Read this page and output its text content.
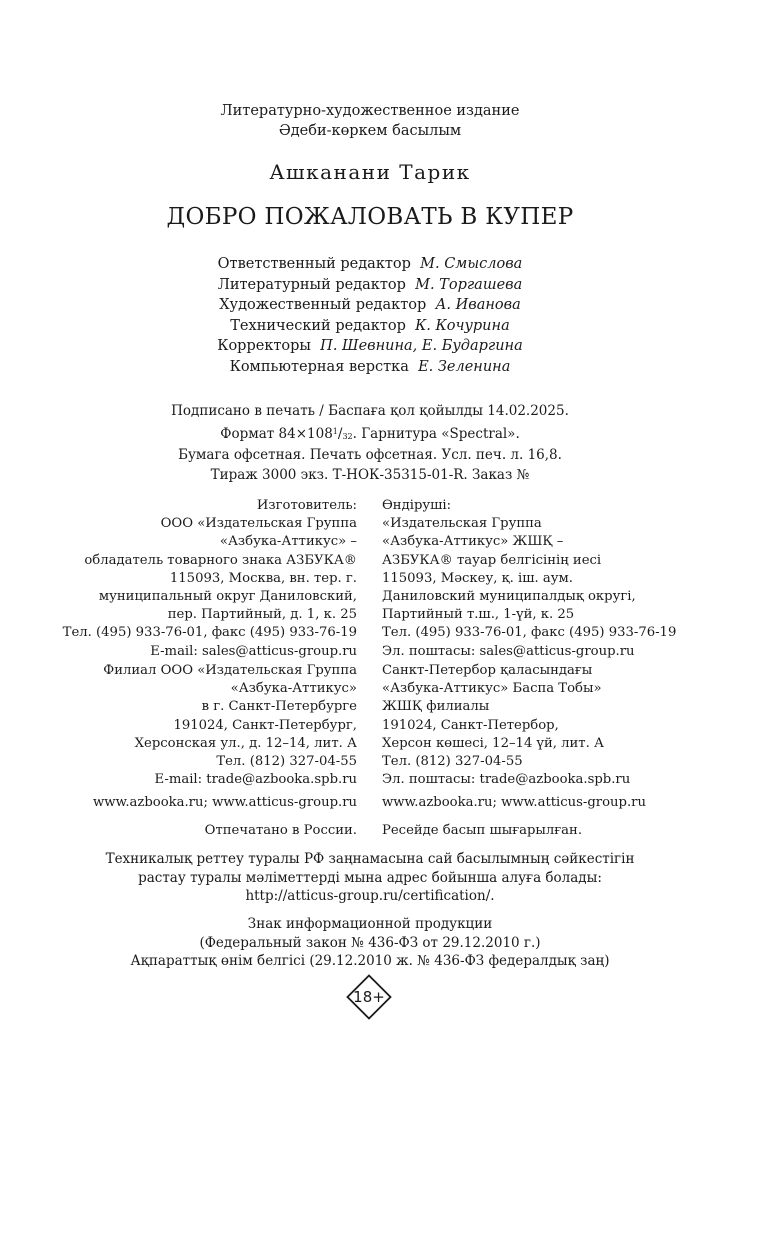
Литературно-художественное издание
Әдеби-көркем басылым
Ашканани Тарик
ДОБРО ПОЖАЛОВАТЬ В КУПЕР
Ответственный редактор М. Смыслова
Литературный редактор М. Торгашева
Художественный редактор А. Иванова
Технический редактор К. Кочурина
Корректоры П. Шевнина, Е. Бударгина
Компьютерная верстка Е. Зеленина
Подписано в печать / Баспаға қол қойылды 14.02.2025.
Формат $84\times 108^1/_{32}$. Гарнитура «Spectral».
Бумага офсетная. Печать офсетная. Усл. печ. л. 16,8.
Тираж 3000 экз. Т-НОК-35315-01-R. Заказ №
Изготовитель:
ООО «Издательская Группа
«Азбука-Аттикус» –
обладатель товарного знака АЗБУКА®
115093, Москва, вн. тер. г.
муниципальный округ Даниловский,
пер. Партийный, д. 1, к. 25
Тел. (495) 933-76-01, факс (495) 933-76-19
E-mail: sales@atticus-group.ru
Өндіруші:
«Издательская Группа
«Азбука-Аттикус» ЖШҚ –
АЗБУКА® тауар белгісінің иесі
115093, Мәскеу, қ. іш. аум.
Даниловский муниципалдық округі,
Партийный т.ш., 1-үй, к. 25
Тел. (495) 933-76-01, факс (495) 933-76-19
Эл. поштасы: sales@atticus-group.ru
Филиал ООО «Издательская Группа
«Азбука-Аттикус»
в г. Санкт-Петербурге
191024, Санкт-Петербург,
Херсонская ул., д. 12–14, лит. А
Тел. (812) 327-04-55
E-mail: trade@azbooka.spb.ru
Санкт-Петербор қаласындағы
«Азбука-Аттикус» Баспа Тобы»
ЖШҚ филиалы
191024, Санкт-Петербор,
Херсон көшесі, 12–14 үй, лит. А
Тел. (812) 327-04-55
Эл. поштасы: trade@azbooka.spb.ru
www.azbooka.ru; www.atticus-group.ru www.azbooka.ru; www.atticus-group.ru
Отпечатано в России. Ресейде басып шығарылған.
Техникалық реттеу туралы РФ заңнамасына сай басылымның сәйкестігін
растау туралы мәліметтерді мына адрес бойынша алуға болады:
http://atticus-group.ru/certification/.
Знак информационной продукции
(Федеральный закон № 436-ФЗ от 29.12.2010 г.)
Ақпараттық өнім белгісі (29.12.2010 ж. № 436-ФЗ федералдық заң)
18+
